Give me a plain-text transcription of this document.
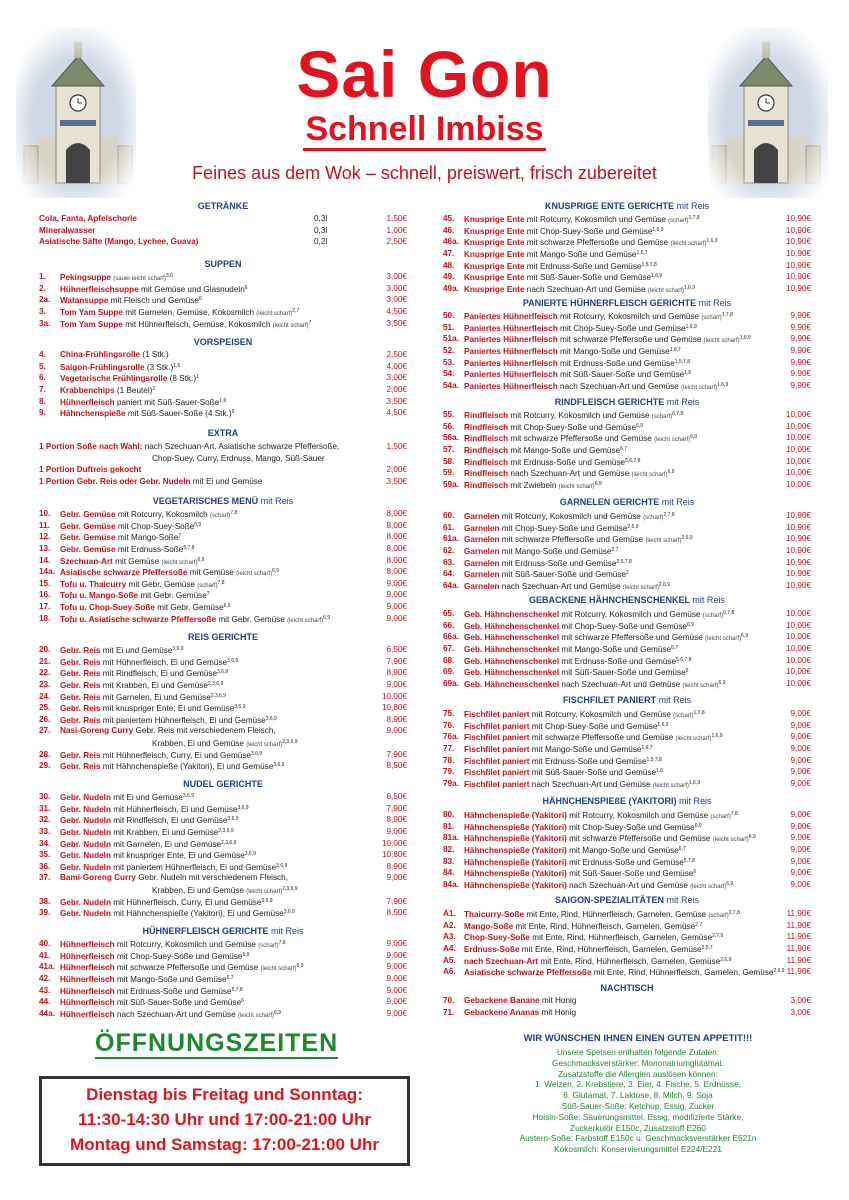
Sai Gon
Schnell Imbiss
Feines aus dem Wok – schnell, preiswert, frisch zubereitet
GETRÄNKE
Cola, Fanta, Apfelschorle	0,3l	1,50€
Mineralwasser	0,3l	1,00€
Asiatische Säfte (Mango, Lychee, Guava)	0,2l	2,50€
SUPPEN
1. Pekingsuppe (sauer leicht scharf)$^{3,6}$	3,00€
2. Hühnerfleischsuppe mit Gemüse und Glasnudeln$^6$	3,00€
2a. Watansuppe mit Fleisch und Gemüse$^6$	3,00€
3. Tom Yam Suppe mit Garnelen, Gemüse, Kokosmilch (leicht scharf)$^{2,7}$	4,50€
3a. Tom Yam Suppe mit Hühnerfleisch, Gemüse, Kokosmilch (leicht scharf)$^7$	3,50€
VORSPEISEN
4. China-Frühlingsrolle (1 Stk.)	2,50€
5. Saigon-Frühlingsrolle (3 Stk.)$^{1,6}$	4,00€
6. Vegetarische Frühlingsrolle (8 Stk.)$^1$	3,00€
7. Krabbenchips (1 Beutel)$^2$	2,00€
8. Hühnerfleisch paniert mit Süß-Sauer-Soße$^{1,6}$	3,50€
9. Hähnchenspieße mit Süß-Sauer-Soße (4 Stk.)$^9$	4,50€
EXTRA
1 Portion Soße nach Wahl: nach Szechuan-Art, Asiatische schwarze Pfeffersoße,	1,50€
Chop-Suey, Curry, Erdnuss, Mango, Süß-Sauer
1 Portion Duftreis gekocht	2,00€
1 Portion Gebr. Reis oder Gebr. Nudeln mit Ei und Gemüse	3,50€
VEGETARISCHES MENÜ mit Reis
10. Gebr. Gemüse mit Rotcurry, Kokosmilch (scharf)$^{7,8}$	8,00€
11. Gebr. Gemüse mit Chop-Suey-Soße$^{6,9}$	8,00€
12. Gebr. Gemüse mit Mango-Soße$^7$	8,00€
13. Gebr. Gemüse mit Erdnuss-Soße$^{5,7,8}$	8,00€
14. Szechuan-Art mit Gemüse (leicht scharf)$^{6,9}$	8,00€
14a. Asiatische schwarze Pfeffersoße mit Gemüse (leicht scharf)$^{6,9}$	8,00€
15. Tofu u. Thaicurry mit Gebr. Gemüse (scharf)$^{7,8}$	9,00€
16. Tofu u. Mango-Soße mit Gebr. Gemüse$^7$	9,00€
17. Tofu u. Chop-Suey-Soße mit Gebr. Gemüse$^{6,9}$	9,00€
18. Tofu u. Asiatische schwarze Pfeffersoße mit Gebr. Gemüse (leicht scharf)$^{6,9}$	9,00€
REIS GERICHTE
20. Gebr. Reis mit Ei und Gemüse$^{3,6,9}$	6,50€
21. Gebr. Reis mit Hühnerfleisch, Ei und Gemüse$^{3,6,9}$	7,90€
22. Gebr. Reis mit Rindfleisch, Ei und Gemüse$^{3,6,9}$	8,90€
23. Gebr. Reis mit Krabben, Ei und Gemüse$^{2,3,6,9}$	9,00€
24. Gebr. Reis mit Garnelen, Ei und Gemüse$^{2,3,6,9}$	10,00€
25. Gebr. Reis mit knuspriger Ente, Ei und Gemüse$^{3,6,9}$	10,80€
26. Gebr. Reis mit paniertem Hühnerfleisch, Ei und Gemüse$^{3,6,9}$	8,90€
27. Nasi-Goreng Curry Gebr. Reis mit verschiedenem Fleisch,	9,00€
Krabben, Ei und Gemüse (leicht scharf)$^{2,3,6,9}$
28. Gebr. Reis mit Hühnerfleisch, Curry, Ei und Gemüse$^{3,6,9}$	7,90€
29. Gebr. Reis mit Hähnchenspieße (Yakitori), Ei und Gemüse$^{3,6,9}$	8,50€
NUDEL GERICHTE
30. Gebr. Nudeln mit Ei und Gemüse$^{3,6,9}$	6,50€
31. Gebr. Nudeln mit Hühnerfleisch, Ei und Gemüse$^{3,6,9}$	7,90€
32. Gebr. Nudeln mit Rindfleisch, Ei und Gemüse$^{3,6,9}$	8,90€
33. Gebr. Nudeln mit Krabben, Ei und Gemüse$^{2,3,6,9}$	9,00€
34. Gebr. Nudeln mit Garnelen, Ei und Gemüse$^{2,3,6,9}$	10,00€
35. Gebr. Nudeln mit knuspriger Ente, Ei und Gemüse$^{3,6,9}$	10,80€
36. Gebr. Nudeln mit paniertem Hühnerfleisch, Ei und Gemüse$^{3,6,9}$	8,90€
37. Bami-Goreng Curry Gebr. Nudeln mit verschiedenem Fleisch,	9,00€
Krabben, Ei und Gemüse (leicht scharf)$^{2,3,6,9}$
38. Gebr. Nudeln mit Hühnerfleisch, Curry, Ei und Gemüse$^{3,6,9}$	7,90€
39. Gebr. Nudeln mit Hähnchenspieße (Yakitori), Ei und Gemüse$^{3,6,9}$	8,50€
HÜHNERFLEISCH GERICHTE mit Reis
40. Hühnerfleisch mit Rotcurry, Kokosmilch und Gemüse (scharf)$^{7,8}$	9,00€
41. Hühnerfleisch mit Chop-Suey-Soße und Gemüse$^{6,9}$	9,00€
41a. Hühnerfleisch mit schwarze Pfeffersoße und Gemüse (leicht scharf)$^{6,9}$	9,00€
42. Hühnerfleisch mit Mango-Soße und Gemüse$^{6,7}$	9,00€
43. Hühnerfleisch mit Erdnuss-Soße und Gemüse$^{5,7,8}$	9,00€
44. Hühnerfleisch mit Süß-Sauer-Soße und Gemüse$^6$	9,00€
44a. Hühnerfleisch nach Szechuan-Art und Gemüse (leicht scharf)$^{6,9}$	9,00€
KNUSPRIGE ENTE GERICHTE mit Reis
45. Knusprige Ente mit Rotcurry, Kokosmilch und Gemüse (scharf)$^{1,7,8}$	10,90€
46. Knusprige Ente mit Chop-Suey-Soße und Gemüse$^{1,6,9}$	10,90€
46a. Knusprige Ente mit schwarze Pfeffersoße und Gemüse (leicht scharf)$^{1,6,9}$	10,90€
47. Knusprige Ente mit Mango-Soße und Gemüse$^{1,6,7}$	10,90€
48. Knusprige Ente mit Erdnuss-Soße und Gemüse$^{1,5,7,8}$	10,90€
49. Knusprige Ente mit Süß-Sauer-Soße und Gemüse$^{1,6,9}$	10,90€
49a. Knusprige Ente nach Szechuan-Art und Gemüse (leicht scharf)$^{1,6,9}$	10,90€
PANIERTE HÜHNERFLEISCH GERICHTE mit Reis
50. Paniertes Hühnerfleisch mit Rotcurry, Kokosmilch und Gemüse (scharf)$^{1,7,8}$	9,90€
51. Paniertes Hühnerfleisch mit Chop-Suey-Soße und Gemüse$^{1,6,9}$	9,90€
51a. Paniertes Hühnerfleisch mit schwarze Pfeffersoße und Gemüse (leicht scharf)$^{1,6,9}$	9,90€
52. Paniertes Hühnerfleisch mit Mango-Soße und Gemüse$^{1,6,7}$	9,90€
53. Paniertes Hühnerfleisch mit Erdnuss-Soße und Gemüse$^{1,5,7,8}$	9,90€
54. Paniertes Hühnerfleisch mit Süß-Sauer-Soße und Gemüse$^{1,6}$	9,90€
54a. Paniertes Hühnerfleisch nach Szechuan-Art und Gemüse (leicht scharf)$^{1,6,9}$	9,90€
RINDFLEISCH GERICHTE mit Reis
55. Rindfleisch mit Rotcurry, Kokosmilch und Gemüse (scharf)$^{6,7,8}$	10,00€
56. Rindfleisch mit Chop-Suey-Soße und Gemüse$^{6,9}$	10,00€
56a. Rindfleisch mit schwarze Pfeffersoße und Gemüse (leicht scharf)$^{6,9}$	10,00€
57. Rindfleisch mit Mango-Soße und Gemüse$^{6,7}$	10,00€
58. Rindfleisch mit Erdnuss-Soße und Gemüse$^{5,6,7,8}$	10,00€
59. Rindfleisch nach Szechuan-Art und Gemüse (leicht scharf)$^{6,9}$	10,00€
59a. Rindfleisch mit Zwiebeln (leicht scharf)$^{6,9}$	10,00€
GARNELEN GERICHTE mit Reis
60. Garnelen mit Rotcurry, Kokosmilch und Gemüse (scharf)$^{2,7,8}$	10,90€
61. Garnelen mit Chop-Suey-Soße und Gemüse$^{2,6,9}$	10,90€
61a. Garnelen mit schwarze Pfeffersoße und Gemüse (leicht scharf)$^{2,6,9}$	10,90€
62. Garnelen mit Mango-Soße und Gemüse$^{2,7}$	10,90€
63. Garnelen mit Erdnuss-Soße und Gemüse$^{2,5,7,8}$	10,90€
64. Garnelen mit Süß-Sauer-Soße und Gemüse$^2$	10,90€
64a. Garnelen nach Szechuan-Art und Gemüse (leicht scharf)$^{2,6,9}$	10,90€
GEBACKENE HÄHNCHENSCHENKEL mit Reis
65. Geb. Hähnchenschenkel mit Rotcurry, Kokosmilch und Gemüse (scharf)$^{6,7,8}$	10,00€
66. Geb. Hähnchenschenkel mit Chop-Suey-Soße und Gemüse$^{6,9}$	10,00€
66a. Geb. Hähnchenschenkel mit schwarze Pfeffersoße und Gemüse (leicht scharf)$^{6,9}$	10,00€
67. Geb. Hähnchenschenkel mit Mango-Soße und Gemüse$^{6,7}$	10,00€
68. Geb. Hähnchenschenkel mit Erdnuss-Soße und Gemüse$^{5,6,7,8}$	10,00€
69. Geb. Hähnchenschenkel mit Süß-Sauer-Soße und Gemüse$^6$	10,00€
69a. Geb. Hähnchenschenkel nach Szechuan-Art und Gemüse (leicht scharf)$^{6,9}$	10,00€
FISCHFILET PANIERT mit Reis
75. Fischfilet paniert mit Rotcurry, Kokosmilch und Gemüse (scharf)$^{1,7,8}$	9,00€
76. Fischfilet paniert mit Chop-Suey-Soße und Gemüse$^{1,6,9}$	9,00€
76a. Fischfilet paniert mit schwarze Pfeffersoße und Gemüse (leicht scharf)$^{1,6,9}$	9,00€
77. Fischfilet paniert mit Mango-Soße und Gemüse$^{1,6,7}$	9,00€
78. Fischfilet paniert mit Erdnuss-Soße und Gemüse$^{1,5,7,8}$	9,00€
79. Fischfilet paniert mit Süß-Sauer-Soße und Gemüse$^{1,6}$	9,00€
79a. Fischfilet paniert nach Szechuan-Art und Gemüse (leicht scharf)$^{1,6,9}$	9,00€
HÄHNCHENSPIEßE (YAKITORI) mit Reis
80. Hähnchenspieße (Yakitori) mit Rotcurry, Kokosmilch und Gemüse (scharf)$^{7,8}$	9,00€
81. Hähnchenspieße (Yakitori) mit Chop-Suey-Soße und Gemüse$^{6,9}$	9,00€
81a. Hähnchenspieße (Yakitori) mit schwarze Pfeffersoße und Gemüse (leicht scharf)$^{6,9}$	9,00€
82. Hähnchenspieße (Yakitori) mit Mango-Soße und Gemüse$^{6,7}$	9,00€
83. Hähnchenspieße (Yakitori) mit Erdnuss-Soße und Gemüse$^{5,7,8}$	9,00€
84. Hähnchenspieße (Yakitori) mit Süß-Sauer-Soße und Gemüse$^6$	9,00€
84a. Hähnchenspieße (Yakitori) nach Szechuan-Art und Gemüse (leicht scharf)$^{6,9}$	9,00€
SAIGON-SPEZIALITÄTEN mit Reis
A1. Thaicurry-Soße mit Ente, Rind, Hühnerfleisch, Garnelen, Gemüse (scharf)$^{2,7,8}$	11,90€
A2. Mango-Soße mit Ente, Rind, Hühnerfleisch, Garnelen, Gemüse$^{2,7}$	11,90€
A3. Chop-Suey-Soße mit Ente, Rind, Hühnerfleisch, Garnelen, Gemüse$^{2,7,9}$	11,90€
A4. Erdnuss-Soße mit Ente, Rind, Hühnerfleisch, Garnelen, Gemüse$^{2,5,7}$	11,90€
A5. nach Szechuan-Art mit Ente, Rind, Hühnerfleisch, Garnelen, Gemüse$^{2,6,9}$	11,90€
A6. Asiatische schwarze Pfeffersoße mit Ente, Rind, Hühnerfleisch, Garnelen, Gemüse$^{2,6,9}$ 11,90€
NACHTISCH
70. Gebackene Banane mit Honig	3,00€
71. Gebackene Ananas mit Honig	3,00€
ÖFFNUNGSZEITEN
Dienstag bis Freitag und Sonntag:
11:30-14:30 Uhr und 17:00-21:00 Uhr
Montag und Samstag: 17:00-21:00 Uhr
WIR WÜNSCHEN IHNEN EINEN GUTEN APPETIT!!!
Unsere Speisen enthalten folgende Zutaten:
Geschmacksverstärker: Mononatriumglutamat.
Zusatzstoffe die Allergien auslösen können:
1. Weizen, 2. Krebstiere, 3. Eier, 4. Fische, 5. Erdnüsse,
6. Glutamat, 7. Laktose, 8. Milch, 9. Soja
Süß-Sauer-Soße: Ketchup, Essig, Zucker
Hoisin-Soße: Säuerungsmittel, Essig, modifizierte Stärke,
Zuckerkulör E150c, Zusatzstoff E260
Austern-Soße: Farbstoff E150c u. Geschmacksverstärker E621n
Kokosmilch: Konservierungsmittel E224/E221
